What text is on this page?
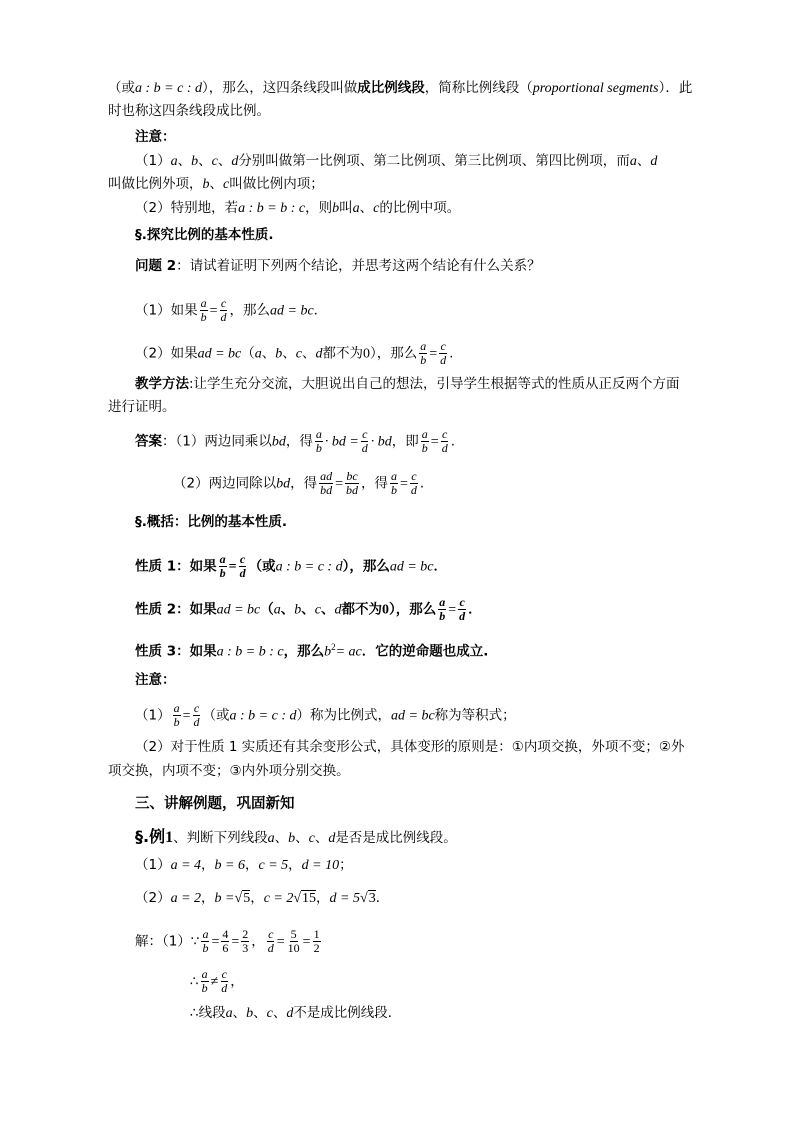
（或a : b = c : d），那么，这四条线段叫做成比例线段，简称比例线段（proportional segments）．此
时也称这四条线段成比例。
注意：
（1）a、b、c、d分别叫做第一比例项、第二比例项、第三比例项、第四比例项，而a、d
叫做比例外项，b、c叫做比例内项；
（2）特别地，若a : b = b : c，则b叫a、c的比例中项。
§.探究比例的基本性质.
问题 2：请试着证明下列两个结论，并思考这两个结论有什么关系？
（1）如果 $\frac{a}{b} = \frac{c}{d}$ ，那么ad = bc．
（2）如果ad = bc（a、b、c、d都不为0），那么 $\frac{a}{b} = \frac{c}{d}$ .
教学方法:让学生充分交流，大胆说出自己的想法，引导学生根据等式的性质从正反两个方面
进行证明。
答案：（1）两边同乘以bd，得 $\frac{a}{b}$ · bd = $\frac{c}{d}$ · bd，即 $\frac{a}{b} = \frac{c}{d}$ .
（2）两边同除以bd，得 $\frac{ad}{bd} = \frac{bc}{bd}$ ，得 $\frac{a}{b} = \frac{c}{d}$ .
§.概括：比例的基本性质.
性质 1：如果 $\frac{a}{b} = \frac{c}{d}$ （或a : b = c : d），那么ad = bc．
性质 2：如果ad = bc（a、b、c、d都不为0），那么 $\frac{a}{b} = \frac{c}{d}$ ．
性质 3：如果a : b = b : c，那么$b^2=$ ac．它的逆命题也成立.
注意：
$(1) \frac{a}{b} = \frac{c}{d}$ （或a : b = c : d）称为比例式，ad = bc称为等积式；
（2）对于性质 1 实质还有其余变形公式，具体变形的原则是：①内项交换，外项不变；②外
项交换，内项不变；③内外项分别交换。
三、讲解例题，巩固新知
§.例1、判断下列线段a、b、c、d是否是成比例线段。
（1）a = 4，b = 6，c = 5，d = 10；
（2）a = 2，b =√5，c = 2√15，d = 5√3．
解：（1）∵ $\frac{a}{b} = \frac{4}{6} = \frac{2}{3}$ ， $\frac{c}{d} = \frac{5}{10} = \frac{1}{2}$
∴ $\frac{a}{b} \ne \frac{c}{d}$ ，
∴线段a、b、c、d不是成比例线段．
